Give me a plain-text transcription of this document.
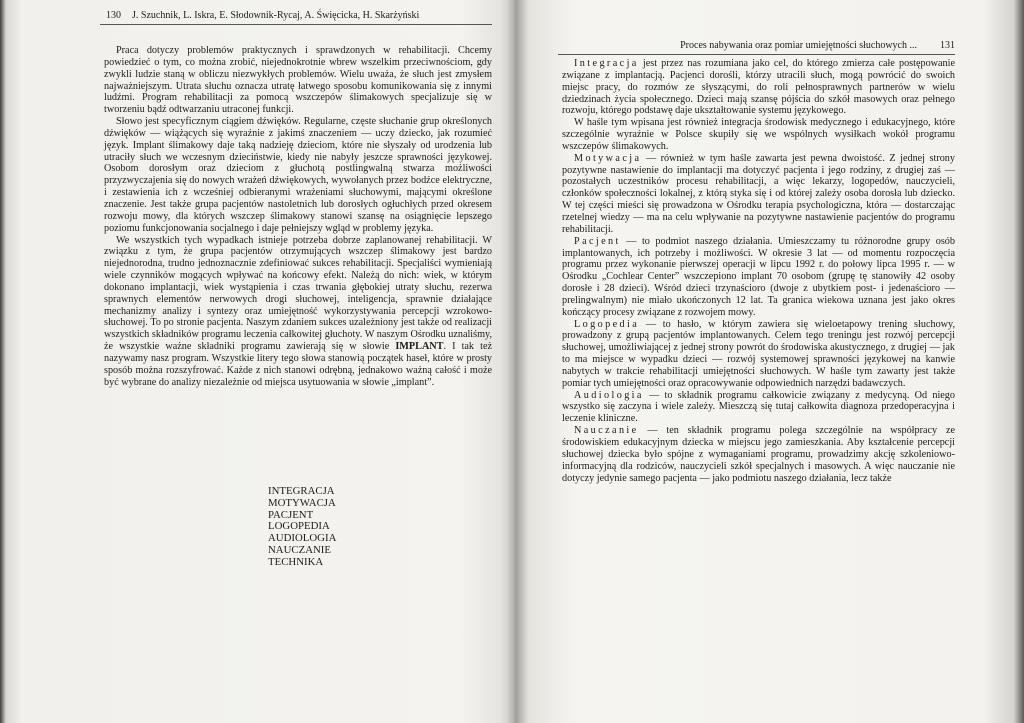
130 J. Szuchnik, L. Iskra, E. Słodownik-Rycaj, A. Święcicka, H. Skarżyński

Praca dotyczy problemów praktycznych i sprawdzonych w rehabilitacji. Chcemy powiedzieć o tym, co można zrobić, niejednokrotnie wbrew wszelkim przeciwnościom, gdy zwykli ludzie staną w obliczu niezwykłych problemów. Wielu uważa, że słuch jest zmysłem najważniejszym. Utrata słuchu oznacza utratę łatwego sposobu komunikowania się z innymi ludźmi. Program rehabilitacji za pomocą wszczepów ślimakowych specjalizuje się w tworzeniu bądź odtwarzaniu utraconej funkcji.

Słowo jest specyficznym ciągiem dźwięków. Regularne, częste słuchanie grup określonych dźwięków — wiążących się wyraźnie z jakimś znaczeniem — uczy dziecko, jak rozumieć język. Implant ślimakowy daje taką nadzieję dzieciom, które nie słyszały od urodzenia lub utraciły słuch we wczesnym dzieciństwie, kiedy nie nabyły jeszcze sprawności językowej. Osobom dorosłym oraz dzieciom z głuchotą postlingwalną stwarza możliwości przyzwyczajenia się do nowych wrażeń dźwiękowych, wywołanych przez bodźce elektryczne, i zestawienia ich z wcześniej odbieranymi wrażeniami słuchowymi, mającymi określone znaczenie. Jest także grupa pacjentów nastoletnich lub dorosłych ogłuchłych przed okresem rozwoju mowy, dla których wszczep ślimakowy stanowi szansę na osiągnięcie lepszego poziomu funkcjonowania socjalnego i daje pełniejszy wgląd w problemy języka.

We wszystkich tych wypadkach istnieje potrzeba dobrze zaplanowanej rehabilitacji. W związku z tym, że grupa pacjentów otrzymujących wszczep ślimakowy jest bardzo niejednorodna, trudno jednoznacznie zdefiniować sukces rehabilitacji. Specjaliści wymieniają wiele czynników mogących wpływać na końcowy efekt. Należą do nich: wiek, w którym dokonano implantacji, wiek wystąpienia i czas trwania głębokiej utraty słuchu, rezerwa sprawnych elementów nerwowych drogi słuchowej, inteligencja, sprawnie działające mechanizmy analizy i syntezy oraz umiejętność wykorzystywania percepcji wzrokowo-słuchowej. To po stronie pacjenta. Naszym zdaniem sukces uzależniony jest także od realizacji wszystkich składników programu leczenia całkowitej głuchoty. W naszym Ośrodku uznaliśmy, że wszystkie ważne składniki programu zawierają się w słowie IMPLANT. I tak też nazywamy nasz program. Wszystkie litery tego słowa stanowią początek haseł, które w prosty sposób można rozszyfrować. Każde z nich stanowi odrębną, jednakowo ważną całość i może być wybrane do analizy niezależnie od miejsca usytuowania w słowie „implant”.

INTEGRACJA
MOTYWACJA
PACJENT
LOGOPEDIA
AUDIOLOGIA
NAUCZANIE
TECHNIKA
Proces nabywania oraz pomiar umiejętności słuchowych ... 131

Integracja jest przez nas rozumiana jako cel, do którego zmierza całe postępowanie związane z implantacją. Pacjenci dorośli, którzy utracili słuch, mogą powrócić do swoich miejsc pracy, do rozmów ze słyszącymi, do roli pełnosprawnych partnerów w wielu dziedzinach życia społecznego. Dzieci mają szansę pójścia do szkół masowych oraz pełnego rozwoju, którego podstawę daje ukształtowanie systemu językowego.

W haśle tym wpisana jest również integracja środowisk medycznego i edukacyjnego, które szczególnie wyraźnie w Polsce skupiły się we wspólnych wysiłkach wokół programu wszczepów ślimakowych.

Motywacja — również w tym haśle zawarta jest pewna dwoistość. Z jednej strony pozytywne nastawienie do implantacji ma dotyczyć pacjenta i jego rodziny, z drugiej zaś — pozostałych uczestników procesu rehabilitacji, a więc lekarzy, logopedów, nauczycieli, członków społeczności lokalnej, z którą styka się i od której zależy osoba dorosła lub dziecko. W tej części mieści się prowadzona w Ośrodku terapia psychologiczna, która — dostarczając rzetelnej wiedzy — ma na celu wpływanie na pozytywne nastawienie pacjentów do programu rehabilitacji.

Pacjent — to podmiot naszego działania. Umieszczamy tu różnorodne grupy osób implantowanych, ich potrzeby i możliwości. W okresie 3 lat — od momentu rozpoczęcia programu przez wykonanie pierwszej operacji w lipcu 1992 r. do połowy lipca 1995 r. — w Ośrodku „Cochlear Center” wszczepiono implant 70 osobom (grupę tę stanowiły 42 osoby dorosłe i 28 dzieci). Wśród dzieci trzynaściorо (dwoje z ubytkiem post- i jedenaścioro — prelingwalnym) nie miało ukończonych 12 lat. Ta granica wiekowa uznana jest jako okres kończący procesy związane z rozwojem mowy.

Logopedia — to hasło, w którym zawiera się wieloetapowy trening słuchowy, prowadzony z grupą pacjentów implantowanych. Celem tego treningu jest rozwój percepcji słuchowej, umożliwiającej z jednej strony powrót do środowiska akustycznego, z drugiej — jak to ma miejsce w wypadku dzieci — rozwój systemowej sprawności językowej na kanwie nabytych w trakcie rehabilitacji umiejętności słuchowych. W haśle tym zawarty jest także pomiar tych umiejętności oraz opracowywanie odpowiednich narzędzi badawczych.

Audiologia — to składnik programu całkowicie związany z medycyną. Od niego wszystko się zaczyna i wiele zależy. Mieszczą się tutaj całkowita diagnoza przedoperacyjna i leczenie kliniczne.

Nauczanie — ten składnik programu polega szczególnie na współpracy ze środowiskiem edukacyjnym dziecka w miejscu jego zamieszkania. Aby kształcenie percepcji słuchowej dziecka było spójne z wymaganiami programu, prowadzimy akcję szkoleniowo-informacyjną dla rodziców, nauczycieli szkół specjalnych i masowych. A więc nauczanie nie dotyczy jedynie samego pacjenta — jako podmiotu naszego działania, lecz także
